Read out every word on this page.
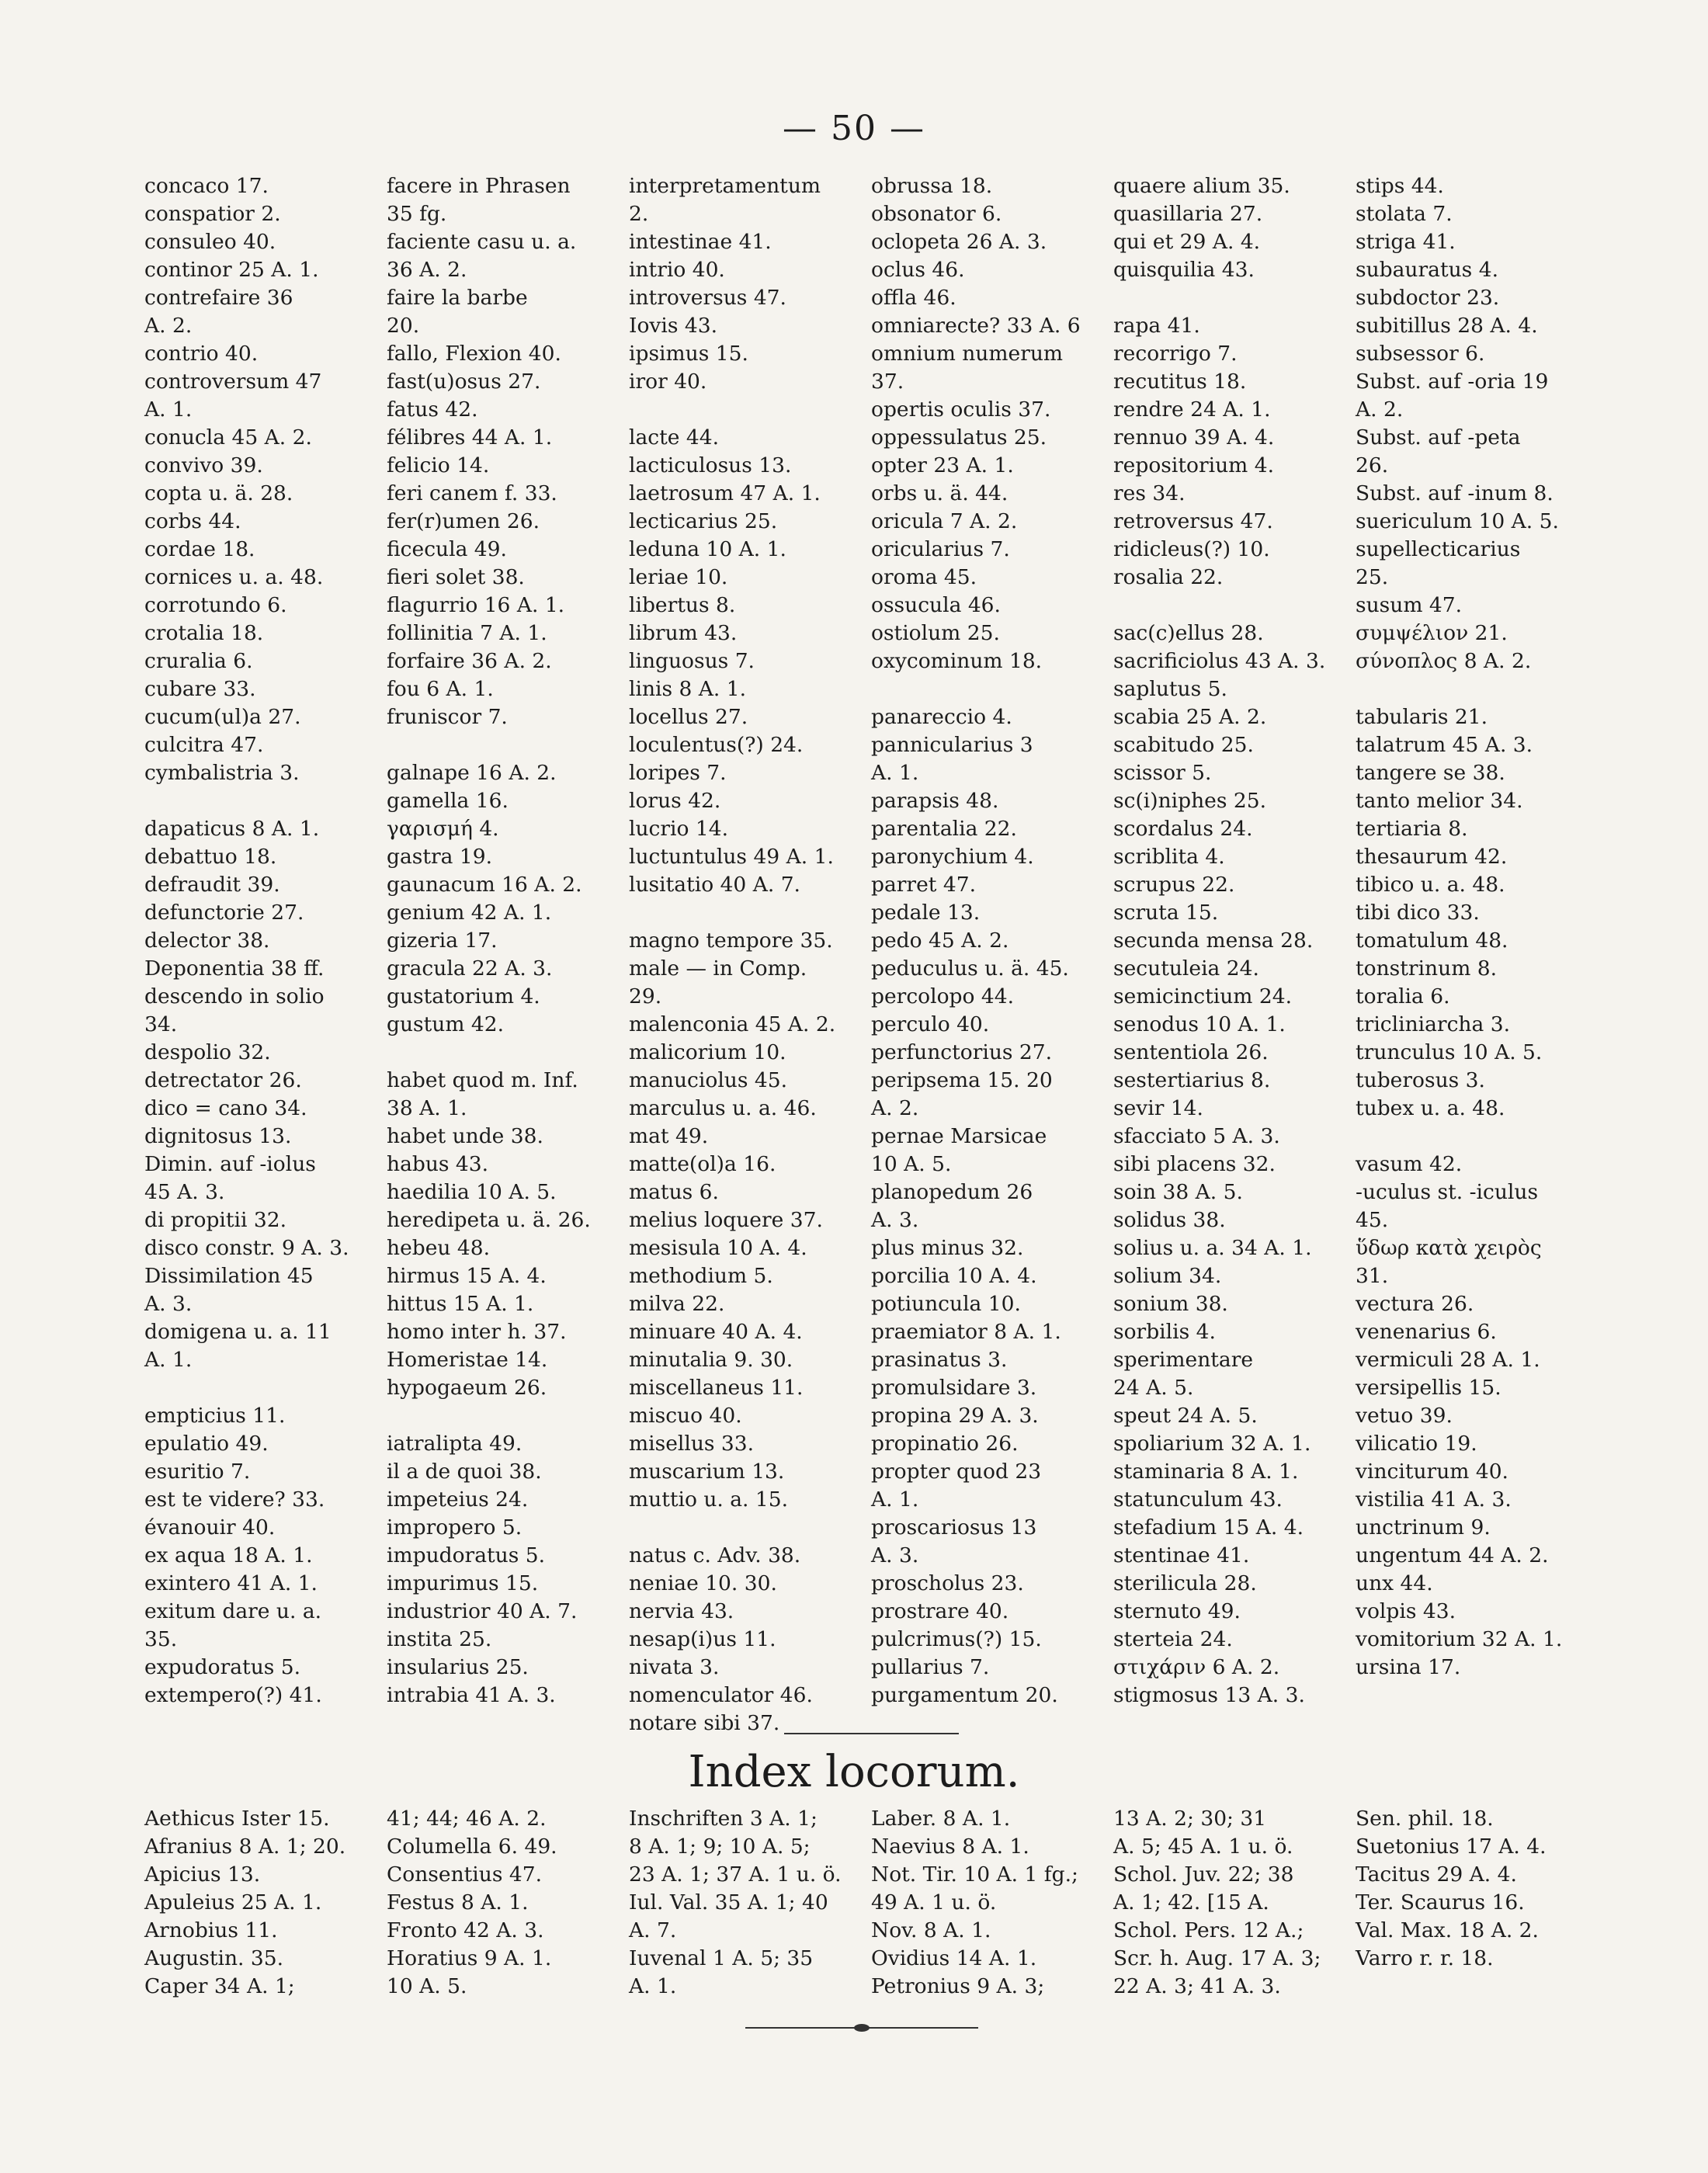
— 50 —
concaco 17.
conspatior 2.
consuleo 40.
continor 25 A. 1.
contrefaire 36
A. 2.
contrio 40.
controversum 47
A. 1.
conucla 45 A. 2.
convivo 39.
copta u. ä. 28.
corbs 44.
cordae 18.
cornices u. a. 48.
corrotundo 6.
crotalia 18.
cruralia 6.
cubare 33.
cucum(ul)a 27.
culcitra 47.
cymbalistria 3.

dapaticus 8 A. 1.
debattuo 18.
defraudit 39.
defunctorie 27.
delector 38.
Deponentia 38 ff.
descendo in solio
34.
despolio 32.
detrectator 26.
dico = cano 34.
dignitosus 13.
Dimin. auf -iolus
45 A. 3.
di propitii 32.
disco constr. 9 A. 3.
Dissimilation 45
A. 3.
domigena u. a. 11
A. 1.

empticius 11.
epulatio 49.
esuritio 7.
est te videre? 33.
évanouir 40.
ex aqua 18 A. 1.
exintero 41 A. 1.
exitum dare u. a.
35.
expudoratus 5.
extempero(?) 41.
facere in Phrasen
35 fg.
faciente casu u. a.
36 A. 2.
faire la barbe
20.
fallo, Flexion 40.
fast(u)osus 27.
fatus 42.
félibres 44 A. 1.
felicio 14.
feri canem f. 33.
fer(r)umen 26.
ficecula 49.
fieri solet 38.
flagurrio 16 A. 1.
follinitia 7 A. 1.
forfaire 36 A. 2.
fou 6 A. 1.
fruniscor 7.

galnape 16 A. 2.
gamella 16.
γαρισμή 4.
gastra 19.
gaunacum 16 A. 2.
genium 42 A. 1.
gizeria 17.
gracula 22 A. 3.
gustatorium 4.
gustum 42.

habet quod m. Inf.
38 A. 1.
habet unde 38.
habus 43.
haedilia 10 A. 5.
heredipeta u. ä. 26.
hebeu 48.
hirmus 15 A. 4.
hittus 15 A. 1.
homo inter h. 37.
Homeristae 14.
hypogaeum 26.

iatralipta 49.
il a de quoi 38.
impeteius 24.
impropero 5.
impudoratus 5.
impurimus 15.
industrior 40 A. 7.
instita 25.
insularius 25.
intrabia 41 A. 3.
interpretamentum
2.
intestinae 41.
intrio 40.
introversus 47.
Iovis 43.
ipsimus 15.
iror 40.

lacte 44.
lacticulosus 13.
laetrosum 47 A. 1.
lecticarius 25.
leduna 10 A. 1.
leriae 10.
libertus 8.
librum 43.
linguosus 7.
linis 8 A. 1.
locellus 27.
loculentus(?) 24.
loripes 7.
lorus 42.
lucrio 14.
luctuntulus 49 A. 1.
lusitatio 40 A. 7.

magno tempore 35.
male — in Comp.
29.
malenconia 45 A. 2.
malicorium 10.
manuciolus 45.
marculus u. a. 46.
mat 49.
matte(ol)a 16.
matus 6.
melius loquere 37.
mesisula 10 A. 4.
methodium 5.
milva 22.
minuare 40 A. 4.
minutalia 9. 30.
miscellaneus 11.
miscuo 40.
misellus 33.
muscarium 13.
muttio u. a. 15.

natus c. Adv. 38.
neniae 10. 30.
nervia 43.
nesap(i)us 11.
nivata 3.
nomenculator 46.
notare sibi 37.
obrussa 18.
obsonator 6.
oclopeta 26 A. 3.
oclus 46.
offla 46.
omniarecte? 33 A. 6
omnium numerum
37.
opertis oculis 37.
oppessulatus 25.
opter 23 A. 1.
orbs u. ä. 44.
oricula 7 A. 2.
oricularius 7.
oroma 45.
ossucula 46.
ostiolum 25.
oxycominum 18.

panareccio 4.
pannicularius 3
A. 1.
parapsis 48.
parentalia 22.
paronychium 4.
parret 47.
pedale 13.
pedo 45 A. 2.
peduculus u. ä. 45.
percolopo 44.
perculo 40.
perfunctorius 27.
peripsema 15. 20
A. 2.
pernae Marsicae
10 A. 5.
planopedum 26
A. 3.
plus minus 32.
porcilia 10 A. 4.
potiuncula 10.
praemiator 8 A. 1.
prasinatus 3.
promulsidare 3.
propina 29 A. 3.
propinatio 26.
propter quod 23
A. 1.
proscariosus 13
A. 3.
proscholus 23.
prostrare 40.
pulcrimus(?) 15.
pullarius 7.
purgamentum 20.
quaere alium 35.
quasillaria 27.
qui et 29 A. 4.
quisquilia 43.

rapa 41.
recorrigo 7.
recutitus 18.
rendre 24 A. 1.
rennuo 39 A. 4.
repositorium 4.
res 34.
retroversus 47.
ridicleus(?) 10.
rosalia 22.

sac(c)ellus 28.
sacrificiolus 43 A. 3.
saplutus 5.
scabia 25 A. 2.
scabitudo 25.
scissor 5.
sc(i)niphes 25.
scordalus 24.
scriblita 4.
scrupus 22.
scruta 15.
secunda mensa 28.
secutuleia 24.
semicinctium 24.
senodus 10 A. 1.
sententiola 26.
sestertiarius 8.
sevir 14.
sfacciato 5 A. 3.
sibi placens 32.
soin 38 A. 5.
solidus 38.
solius u. a. 34 A. 1.
solium 34.
sonium 38.
sorbilis 4.
sperimentare
24 A. 5.
speut 24 A. 5.
spoliarium 32 A. 1.
staminaria 8 A. 1.
statunculum 43.
stefadium 15 A. 4.
stentinae 41.
sterilicula 28.
sternuto 49.
sterteia 24.
στιχάριν 6 A. 2.
stigmosus 13 A. 3.
stips 44.
stolata 7.
striga 41.
subauratus 4.
subdoctor 23.
subitillus 28 A. 4.
subsessor 6.
Subst. auf -oria 19
A. 2.
Subst. auf -peta
26.
Subst. auf -inum 8.
suericulum 10 A. 5.
supellecticarius
25.
susum 47.
συμψέλιον 21.
σύνοπλος 8 A. 2.

tabularis 21.
talatrum 45 A. 3.
tangere se 38.
tanto melior 34.
tertiaria 8.
thesaurum 42.
tibico u. a. 48.
tibi dico 33.
tomatulum 48.
tonstrinum 8.
toralia 6.
tricliniarcha 3.
trunculus 10 A. 5.
tuberosus 3.
tubex u. a. 48.

vasum 42.
-uculus st. -iculus
45.
ὕδωρ κατὰ χειρὸς
31.
vectura 26.
venenarius 6.
vermiculi 28 A. 1.
versipellis 15.
vetuo 39.
vilicatio 19.
vinciturum 40.
vistilia 41 A. 3.
unctrinum 9.
ungentum 44 A. 2.
unx 44.
volpis 43.
vomitorium 32 A. 1.
ursina 17.
Index locorum.
Aethicus Ister 15.
Afranius 8 A. 1; 20.
Apicius 13.
Apuleius 25 A. 1.
Arnobius 11.
Augustin. 35.
Caper 34 A. 1;
41; 44; 46 A. 2.
Columella 6. 49.
Consentius 47.
Festus 8 A. 1.
Fronto 42 A. 3.
Horatius 9 A. 1.
10 A. 5.
Inschriften 3 A. 1;
8 A. 1; 9; 10 A. 5;
23 A. 1; 37 A. 1 u. ö.
Iul. Val. 35 A. 1; 40
A. 7.
Iuvenal 1 A. 5; 35
A. 1.
Laber. 8 A. 1.
Naevius 8 A. 1.
Not. Tir. 10 A. 1 fg.;
49 A. 1 u. ö.
Nov. 8 A. 1.
Ovidius 14 A. 1.
Petronius 9 A. 3;
13 A. 2; 30; 31
A. 5; 45 A. 1 u. ö.
Schol. Juv. 22; 38
A. 1; 42. [15 A.
Schol. Pers. 12 A.;
Scr. h. Aug. 17 A. 3;
22 A. 3; 41 A. 3.
Sen. phil. 18.
Suetonius 17 A. 4.
Tacitus 29 A. 4.
Ter. Scaurus 16.
Val. Max. 18 A. 2.
Varro r. r. 18.
